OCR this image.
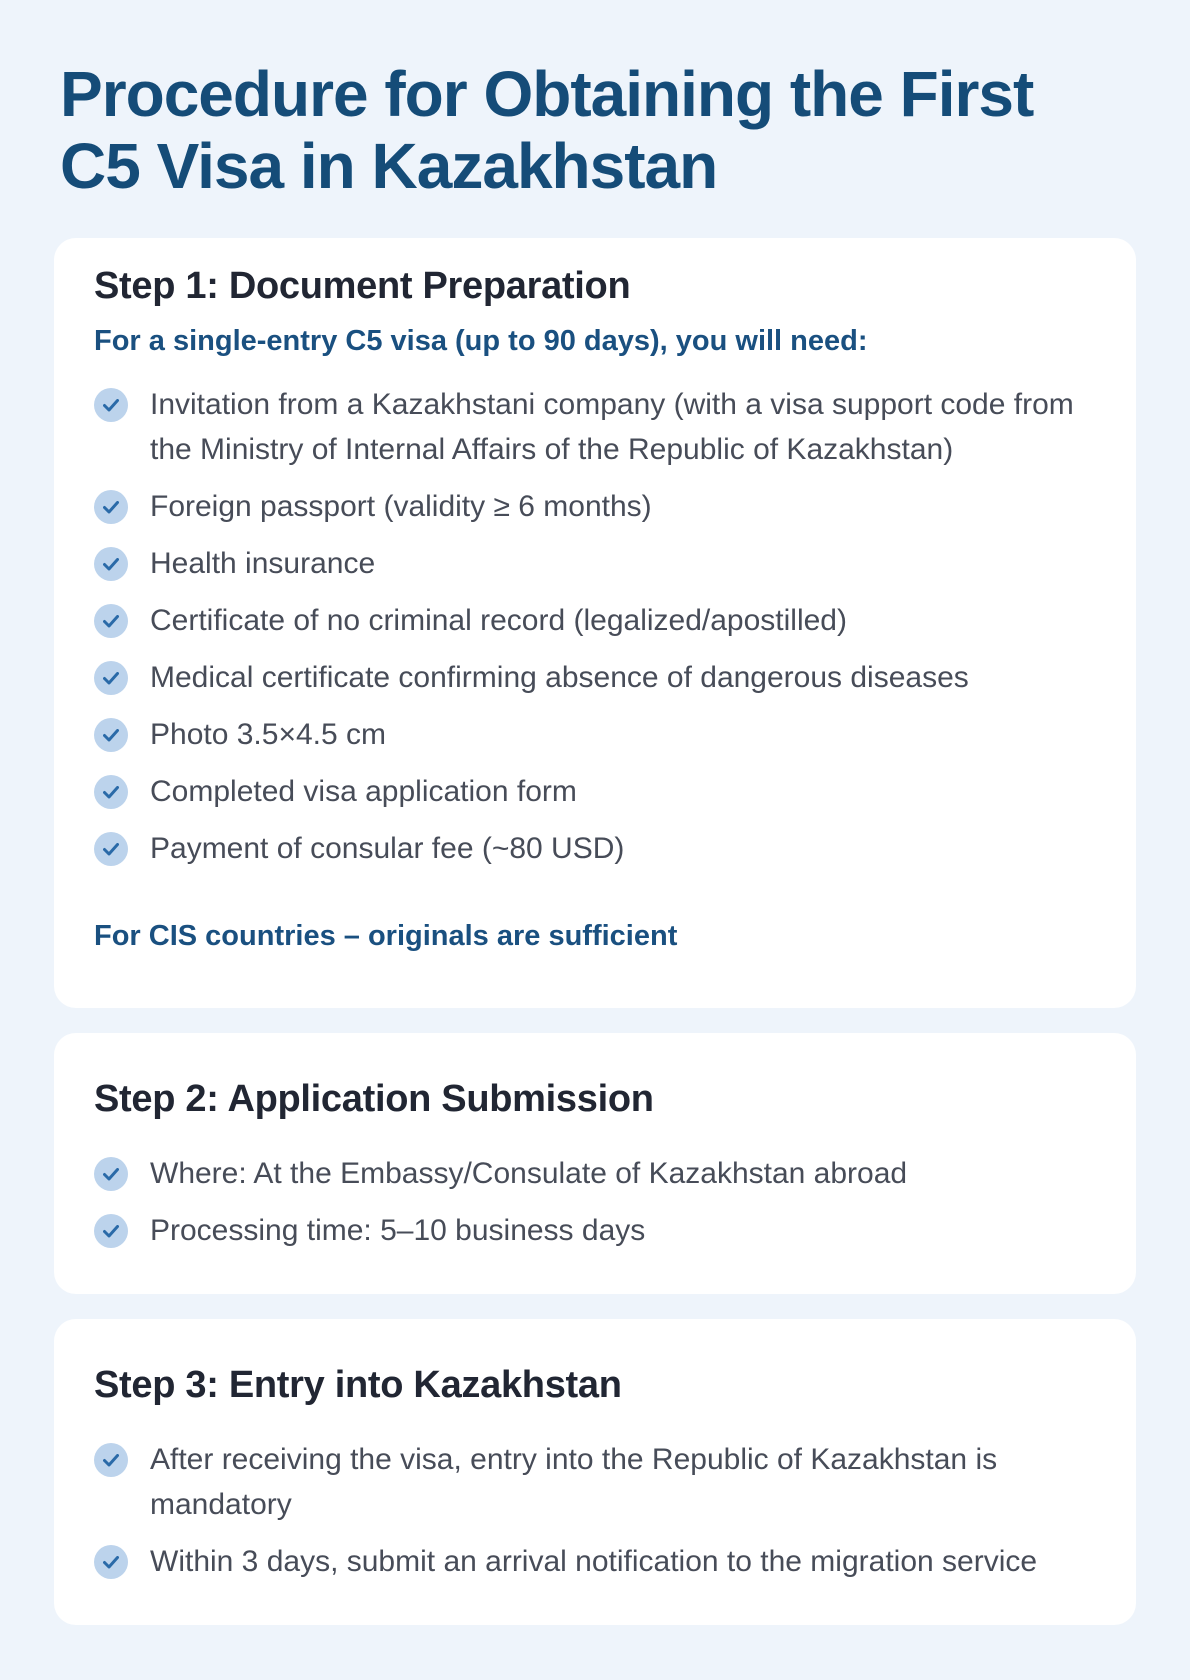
Procedure for Obtaining the First C5 Visa in Kazakhstan
Step 1: Document Preparation

For a single-entry C5 visa (up to 90 days), you will need:

Invitation from a Kazakhstani company (with a visa support code from the Ministry of Internal Affairs of the Republic of Kazakhstan)
Foreign passport (validity ≥ 6 months)
Health insurance
Certificate of no criminal record (legalized/apostilled)
Medical certificate confirming absence of dangerous diseases
Photo 3.5×4.5 cm
Completed visa application form
Payment of consular fee (~80 USD)

For CIS countries – originals are sufficient

Step 2: Application Submission
Where: At the Embassy/Consulate of Kazakhstan abroad
Processing time: 5–10 business days
Step 3: Entry into Kazakhstan
After receiving the visa, entry into the Republic of Kazakhstan is mandatory
Within 3 days, submit an arrival notification to the migration service
